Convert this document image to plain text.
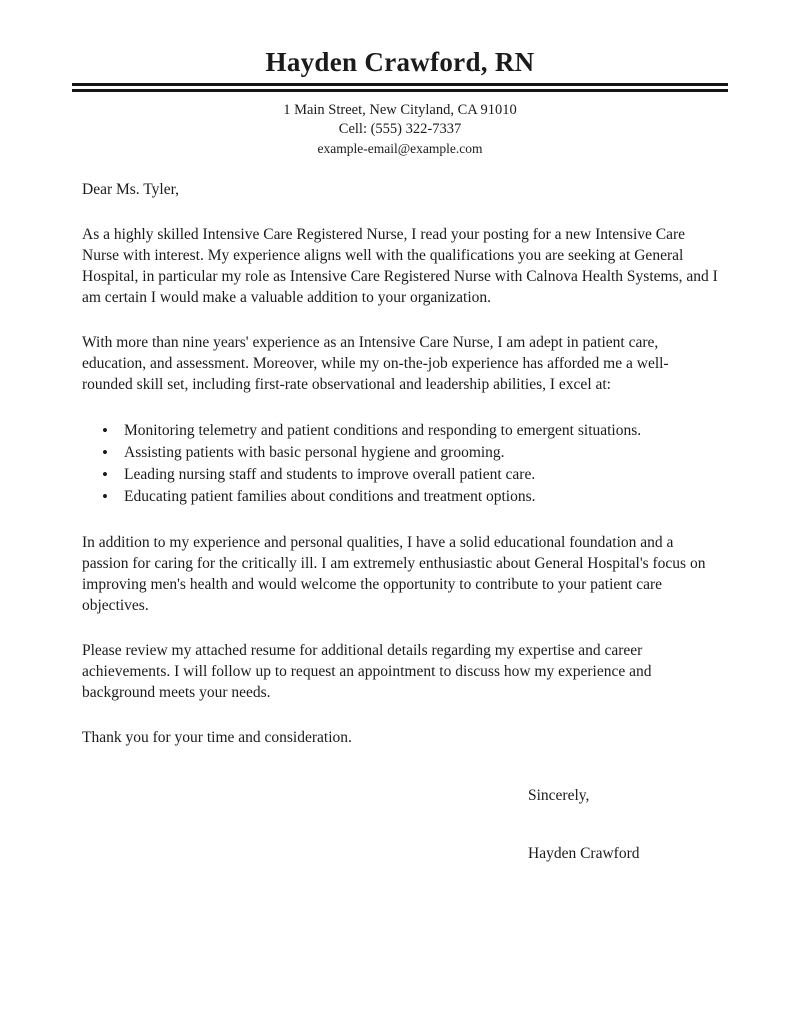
Hayden Crawford, RN

1 Main Street, New Cityland, CA 91010

Cell: (555) 322-7337

example-email@example.com

Dear Ms. Tyler,

As a highly skilled Intensive Care Registered Nurse, I read your posting for a new Intensive Care Nurse with interest. My experience aligns well with the qualifications you are seeking at General Hospital, in particular my role as Intensive Care Registered Nurse with Calnova Health Systems, and I am certain I would make a valuable addition to your organization.

With more than nine years' experience as an Intensive Care Nurse, I am adept in patient care, education, and assessment. Moreover, while my on-the-job experience has afforded me a well-rounded skill set, including first-rate observational and leadership abilities, I excel at:

• Monitoring telemetry and patient conditions and responding to emergent situations.
• Assisting patients with basic personal hygiene and grooming.
• Leading nursing staff and students to improve overall patient care.
• Educating patient families about conditions and treatment options.

In addition to my experience and personal qualities, I have a solid educational foundation and a passion for caring for the critically ill. I am extremely enthusiastic about General Hospital's focus on improving men's health and would welcome the opportunity to contribute to your patient care objectives.

Please review my attached resume for additional details regarding my expertise and career achievements. I will follow up to request an appointment to discuss how my experience and background meets your needs.

Thank you for your time and consideration.

Sincerely,

Hayden Crawford
